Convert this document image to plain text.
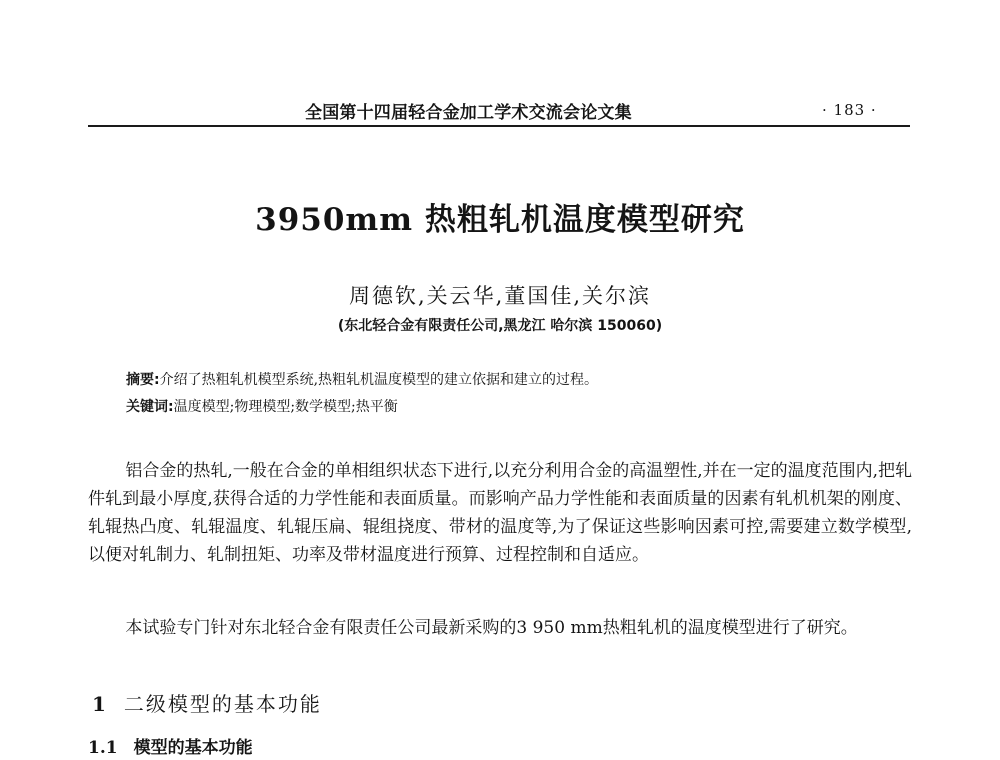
全国第十四届轻合金加工学术交流会论文集	· 183 ·
3950mm 热粗轧机温度模型研究
周德钦,关云华,董国佳,关尔滨
(东北轻合金有限责任公司,黑龙江 哈尔滨 150060)
摘要:介绍了热粗轧机模型系统,热粗轧机温度模型的建立依据和建立的过程。
关键词:温度模型;物理模型;数学模型;热平衡
铝合金的热轧,一般在合金的单相组织状态下进行,以充分利用合金的高温塑性,并在一定的温度范围内,把轧件轧到最小厚度,获得合适的力学性能和表面质量。而影响产品力学性能和表面质量的因素有轧机机架的刚度、轧辊热凸度、轧辊温度、轧辊压扁、辊组挠度、带材的温度等,为了保证这些影响因素可控,需要建立数学模型,以便对轧制力、轧制扭矩、功率及带材温度进行预算、过程控制和自适应。
本试验专门针对东北轻合金有限责任公司最新采购的3 950 mm热粗轧机的温度模型进行了研究。
1 二级模型的基本功能
1.1 模型的基本功能
